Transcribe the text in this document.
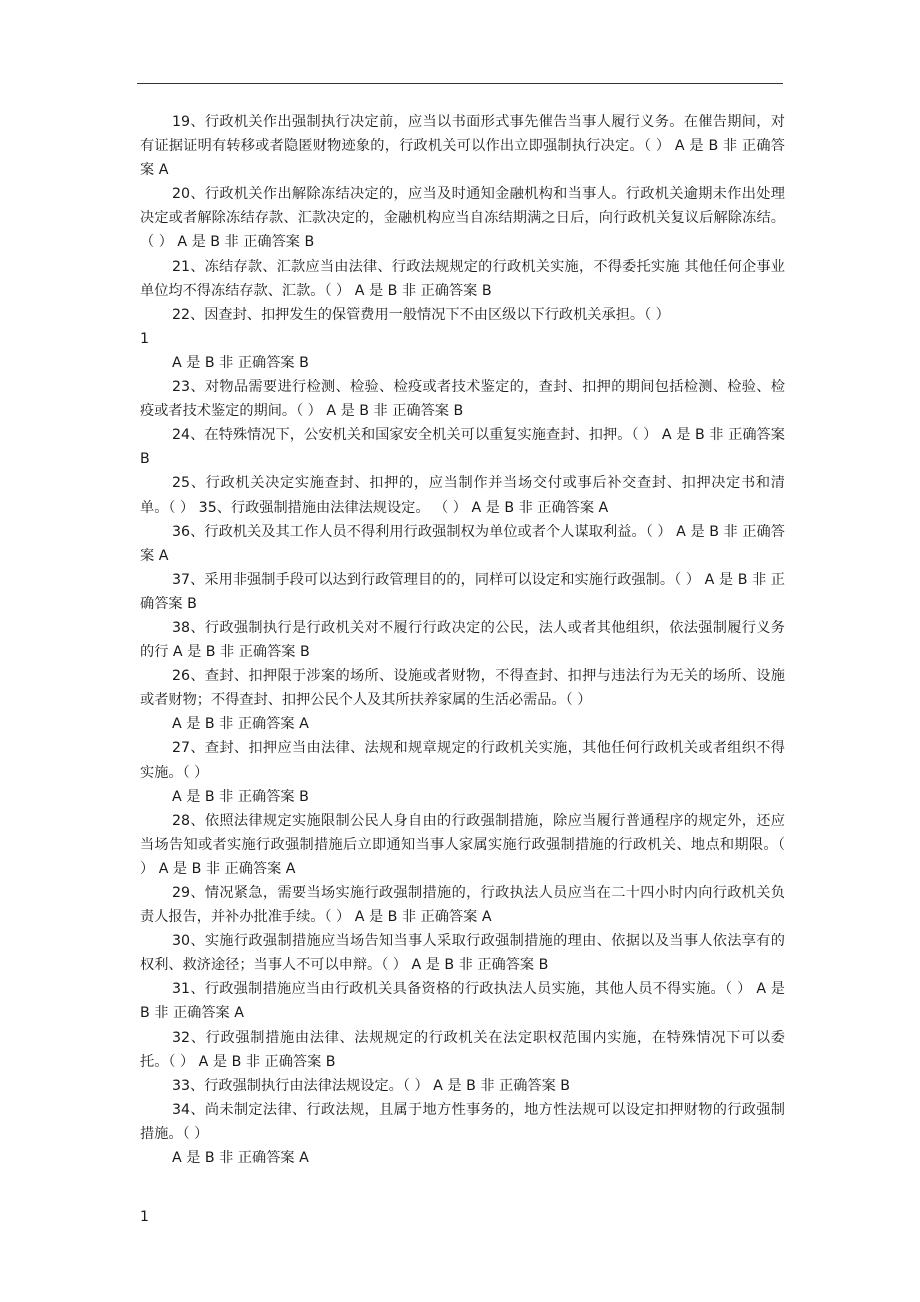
19、行政机关作出强制执行决定前，应当以书面形式事先催告当事人履行义务。在催告期间，对有证据证明有转移或者隐匿财物迹象的，行政机关可以作出立即强制执行决定。（ ） A 是 B 非 正确答案 A

20、行政机关作出解除冻结决定的，应当及时通知金融机构和当事人。行政机关逾期未作出处理决定或者解除冻结存款、汇款决定的，金融机构应当自冻结期满之日后，向行政机关复议后解除冻结。（ ） A 是 B 非 正确答案 B

21、冻结存款、汇款应当由法律、行政法规规定的行政机关实施，不得委托实施 其他任何企事业单位均不得冻结存款、汇款。（ ） A 是 B 非 正确答案 B

22、因查封、扣押发生的保管费用一般情况下不由区级以下行政机关承担。（ ）

1

A 是 B 非 正确答案 B

23、对物品需要进行检测、检验、检疫或者技术鉴定的，查封、扣押的期间包括检测、检验、检疫或者技术鉴定的期间。（ ） A 是 B 非 正确答案 B

24、在特殊情况下，公安机关和国家安全机关可以重复实施查封、扣押。（ ） A 是 B 非 正确答案 B

25、行政机关决定实施查封、扣押的，应当制作并当场交付或事后补交查封、扣押决定书和清单。（ ） 35、行政强制措施由法律法规设定。 （ ） A 是 B 非 正确答案 A

36、行政机关及其工作人员不得利用行政强制权为单位或者个人谋取利益。（ ） A 是 B 非 正确答案 A

37、采用非强制手段可以达到行政管理目的的，同样可以设定和实施行政强制。（ ） A 是 B 非 正确答案 B

38、行政强制执行是行政机关对不履行行政决定的公民，法人或者其他组织，依法强制履行义务的行 A 是 B 非 正确答案 B

26、查封、扣押限于涉案的场所、设施或者财物，不得查封、扣押与违法行为无关的场所、设施或者财物；不得查封、扣押公民个人及其所扶养家属的生活必需品。（ ）

A 是 B 非 正确答案 A

27、查封、扣押应当由法律、法规和规章规定的行政机关实施，其他任何行政机关或者组织不得实施。（ ）

A 是 B 非 正确答案 B

28、依照法律规定实施限制公民人身自由的行政强制措施，除应当履行普通程序的规定外，还应当场告知或者实施行政强制措施后立即通知当事人家属实施行政强制措施的行政机关、地点和期限。（ ） A 是 B 非 正确答案 A

29、情况紧急，需要当场实施行政强制措施的，行政执法人员应当在二十四小时内向行政机关负责人报告，并补办批准手续。（ ） A 是 B 非 正确答案 A

30、实施行政强制措施应当场告知当事人采取行政强制措施的理由、依据以及当事人依法享有的权利、救济途径；当事人不可以申辩。（ ） A 是 B 非 正确答案 B

31、行政强制措施应当由行政机关具备资格的行政执法人员实施，其他人员不得实施。（ ） A 是 B 非 正确答案 A

32、行政强制措施由法律、法规规定的行政机关在法定职权范围内实施，在特殊情况下可以委托。（ ） A 是 B 非 正确答案 B

33、行政强制执行由法律法规设定。（ ） A 是 B 非 正确答案 B

34、尚未制定法律、行政法规，且属于地方性事务的，地方性法规可以设定扣押财物的行政强制措施。（ ）

A 是 B 非 正确答案 A

1
